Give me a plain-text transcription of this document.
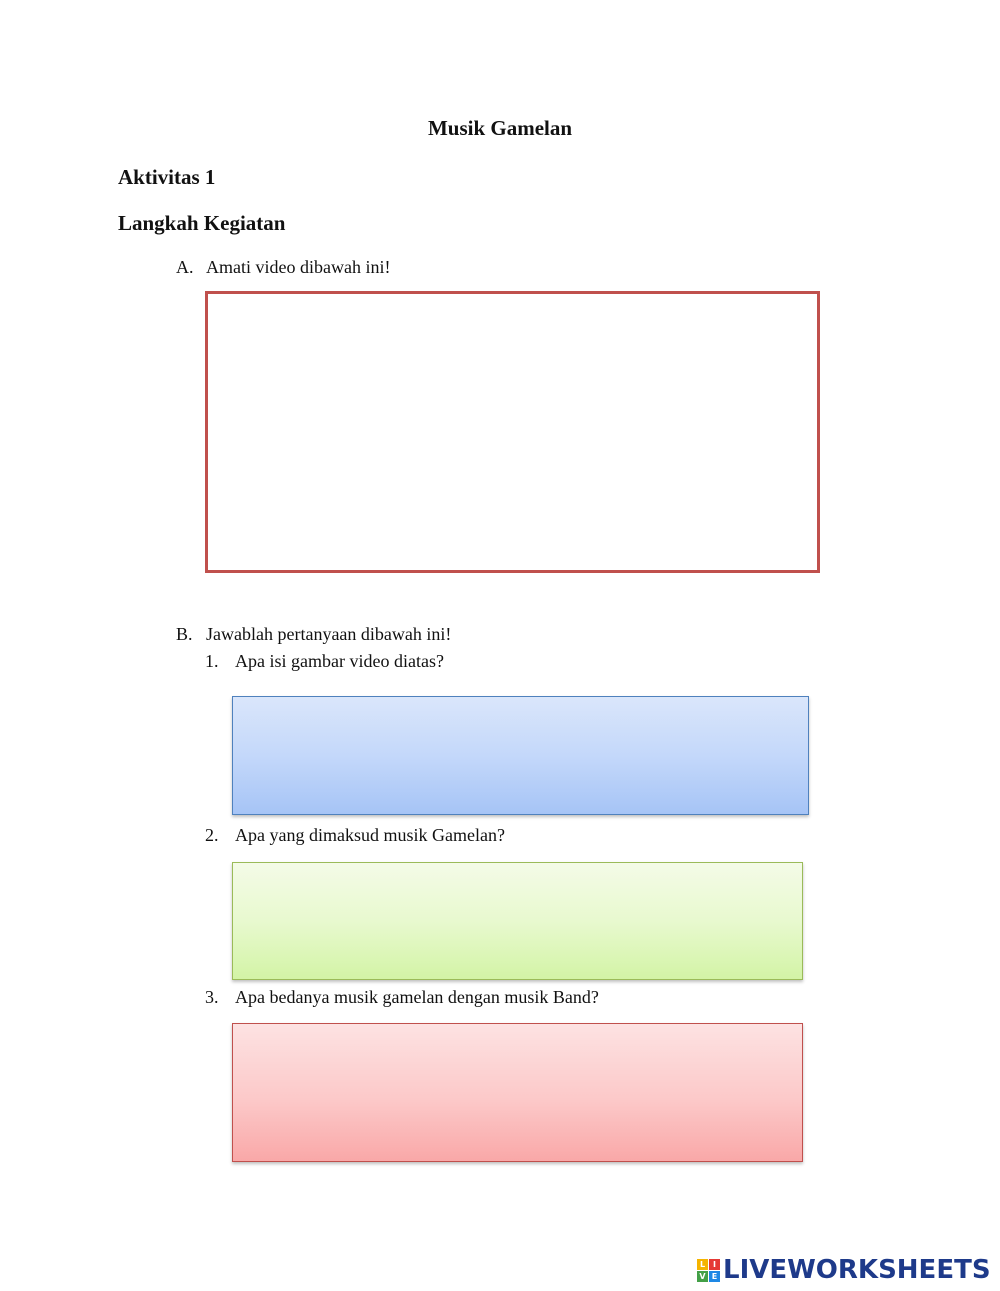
Musik Gamelan
Aktivitas 1
Langkah Kegiatan
A. Amati video dibawah ini!
B. Jawablah pertanyaan dibawah ini!
1. Apa isi gambar video diatas?
2. Apa yang dimaksud musik Gamelan?
3. Apa bedanya musik gamelan dengan musik Band?
L I
V E LIVEWORKSHEETS
